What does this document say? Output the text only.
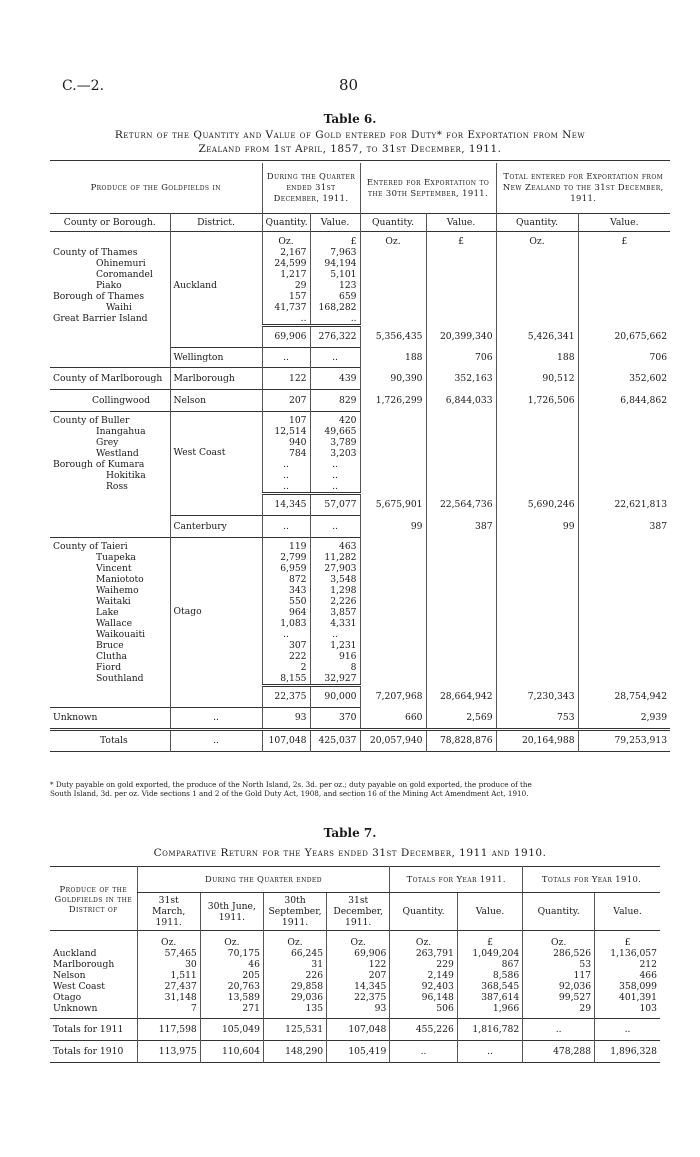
C.—2.	80
Table 6.
Return of the Quantity and Value of Gold entered for Duty* for Exportation from New
Zealand from 1st April, 1857, to 31st December, 1911.
Produce of the Goldfields in		During the Quarter ended 31st December, 1911.		Entered for Exportation to the 30th September, 1911.		Total entered for Exportation from New Zealand to the 31st December, 1911.	
County or Borough.	District.	Quantity.	Value.	Quantity.	Value.	Quantity.	Value.
		Oz.	£	Oz.	£	Oz.	£
County of Thames	Auckland	2,167	7,963				
Ohinemuri		24,599	94,194				
Coromandel		1,217	5,101				
Piako		29	123				
Borough of Thames		157	659				
Waihi		41,737	168,282				
Great Barrier Island		..	..				
		69,906	276,322	5,356,435	20,399,340	5,426,341	20,675,662
	Wellington	..	..	188	706	188	706
County of Marlborough	Marlborough	122	439	90,390	352,163	90,512	352,602
Collingwood	Nelson	207	829	1,726,299	6,844,033	1,726,506	6,844,862
County of Buller	West Coast	107	420				
Inangahua		12,514	49,665				
Grey		940	3,789				
Westland		784	3,203				
Borough of Kumara		..	..				
Hokitika		..	..				
Ross		..	..				
		14,345	57,077	5,675,901	22,564,736	5,690,246	22,621,813
	Canterbury	..	..	99	387	99	387
County of Taieri	Otago	119	463				
Tuapeka		2,799	11,282				
Vincent		6,959	27,903				
Maniototo		872	3,548				
Waihemo		343	1,298				
Waitaki		550	2,226				
Lake		964	3,857				
Wallace		1,083	4,331				
Waikouaiti		..	..				
Bruce		307	1,231				
Clutha		222	916				
Fiord		2	8				
Southland		8,155	32,927				
		22,375	90,000	7,207,968	28,664,942	7,230,343	28,754,942
Unknown	..	93	370	660	2,569	753	2,939
Totals	..	107,048	425,037	20,057,940	78,828,876	20,164,988	79,253,913
* Duty payable on gold exported, the produce of the North Island, 2s. 3d. per oz.; duty payable on gold exported, the produce of the
South Island, 3d. per oz. Vide sections 1 and 2 of the Gold Duty Act, 1908, and section 16 of the Mining Act Amendment Act, 1910.
Table 7.
Comparative Return for the Years ended 31st December, 1911 and 1910.
Produce of the Goldfields in the District of	During the Quarter ended				Totals for Year 1911.		Totals for Year 1910.	
	31st March, 1911.	30th June, 1911.	30th September, 1911.	31st December, 1911.	Quantity.	Value.	Quantity.	Value.
	Oz.	Oz.	Oz.	Oz.	Oz.	£	Oz.	£
Auckland	57,465	70,175	66,245	69,906	263,791	1,049,204	286,526	1,136,057
Marlborough	30	46	31	122	229	867	53	212
Nelson	1,511	205	226	207	2,149	8,586	117	466
West Coast	27,437	20,763	29,858	14,345	92,403	368,545	92,036	358,099
Otago	31,148	13,589	29,036	22,375	96,148	387,614	99,527	401,391
Unknown	7	271	135	93	506	1,966	29	103
Totals for 1911	117,598	105,049	125,531	107,048	455,226	1,816,782	..	..
Totals for 1910	113,975	110,604	148,290	105,419	..	..	478,288	1,896,328
